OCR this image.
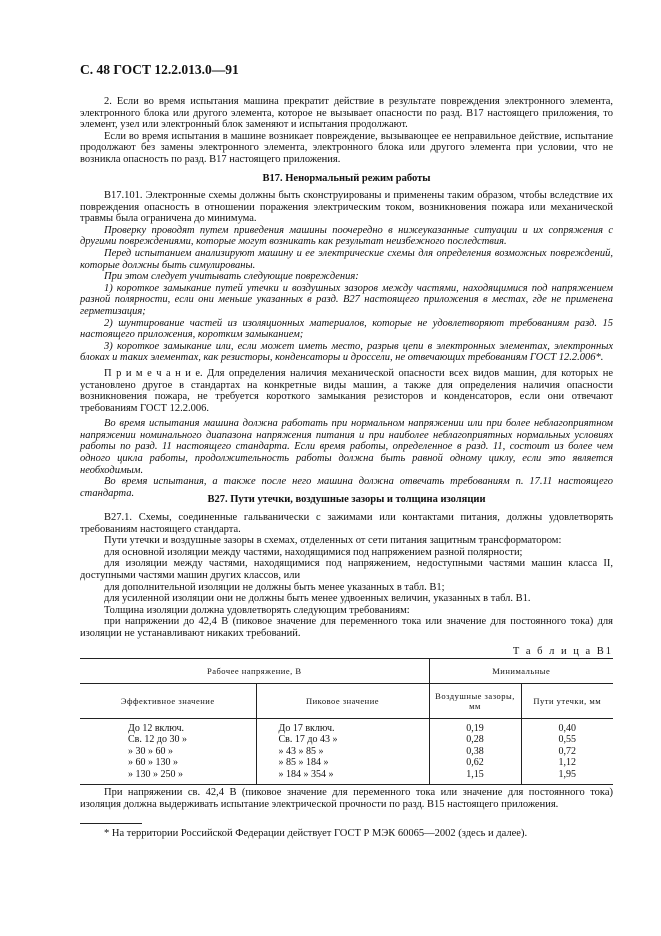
С. 48 ГОСТ 12.2.013.0—91

2. Если во время испытания машина прекратит действие в результате повреждения электронного элемента, электронного блока или другого элемента, которое не вызывает опасности по разд. В17 настоящего приложения, то элемент, узел или электронный блок заменяют и испытания продолжают.

Если во время испытания в машине возникает повреждение, вызывающее ее неправильное действие, испытание продолжают без замены электронного элемента, электронного блока или другого элемента при условии, что не возникла опасность по разд. В17 настоящего приложения.

В17. Ненормальный режим работы

В17.101. Электронные схемы должны быть сконструированы и применены таким образом, чтобы вследствие их повреждения опасность в отношении поражения электрическим током, возникновения пожара или механической травмы была ограничена до минимума.

Проверку проводят путем приведения машины поочередно в нижеуказанные ситуации и их сопряжения с другими повреждениями, которые могут возникать как результат неизбежного последствия.

Перед испытанием анализируют машину и ее электрические схемы для определения возможных повреждений, которые должны быть симулированы.

При этом следует учитывать следующие повреждения:

1) короткое замыкание путей утечки и воздушных зазоров между частями, находящимися под напряжением разной полярности, если они меньше указанных в разд. В27 настоящего приложения в местах, где не применена герметизация;

2) шунтирование частей из изоляционных материалов, которые не удовлетворяют требованиям разд. 15 настоящего приложения, коротким замыканием;

3) короткое замыкание или, если может иметь место, разрыв цепи в электронных элементах, электронных блоках и таких элементах, как резисторы, конденсаторы и дроссели, не отвечающих требованиям ГОСТ 12.2.006*.

П р и м е ч а н и е. Для определения наличия механической опасности всех видов машин, для которых не установлено другое в стандартах на конкретные виды машин, а также для определения наличия опасности возникновения пожара, не требуется короткого замыкания резисторов и конденсаторов, если они отвечают требованиям ГОСТ 12.2.006.

Во время испытания машина должна работать при нормальном напряжении или при более неблагоприятном напряжении номинального диапазона напряжения питания и при наиболее неблагоприятных нормальных условиях работы по разд. 11 настоящего стандарта. Если время работы, определенное в разд. 11, состоит из более чем одного цикла работы, продолжительность работы должна быть равной одному циклу, если это является необходимым.

Во время испытания, а также после него машина должна отвечать требованиям п. 17.11 настоящего стандарта.

В27. Пути утечки, воздушные зазоры и толщина изоляции

В27.1. Схемы, соединенные гальванически с зажимами или контактами питания, должны удовлетворять требованиям настоящего стандарта.

Пути утечки и воздушные зазоры в схемах, отделенных от сети питания защитным трансформатором:

для основной изоляции между частями, находящимися под напряжением разной полярности;

для изоляции между частями, находящимися под напряжением, недоступными частями машин класса II, доступными частями машин других классов, или

для дополнительной изоляции не должны быть менее указанных в табл. В1;

для усиленной изоляции они не должны быть менее удвоенных величин, указанных в табл. В1.

Толщина изоляции должна удовлетворять следующим требованиям:

при напряжении до 42,4 В (пиковое значение для переменного тока или значение для постоянного тока) для изоляции не устанавливают никаких требований.

Т а б л и ц а В1
Рабочее напряжение, В		Минимальные	
Эффективное значение	Пиковое значение	Воздушные зазоры, мм	Пути утечки, мм
До 12 включ.	До 17 включ.	0,19	0,40
Св. 12 до 30 »	Св. 17 до 43 »	0,28	0,55
» 30 » 60 »	» 43 » 85 »	0,38	0,72
» 60 » 130 »	» 85 » 184 »	0,62	1,12
» 130 » 250 »	» 184 » 354 »	1,15	1,95

При напряжении св. 42,4 В (пиковое значение для переменного тока или значение для постоянного тока) изоляция должна выдерживать испытание электрической прочности по разд. В15 настоящего приложения.

* На территории Российской Федерации действует ГОСТ Р МЭК 60065—2002 (здесь и далее).
